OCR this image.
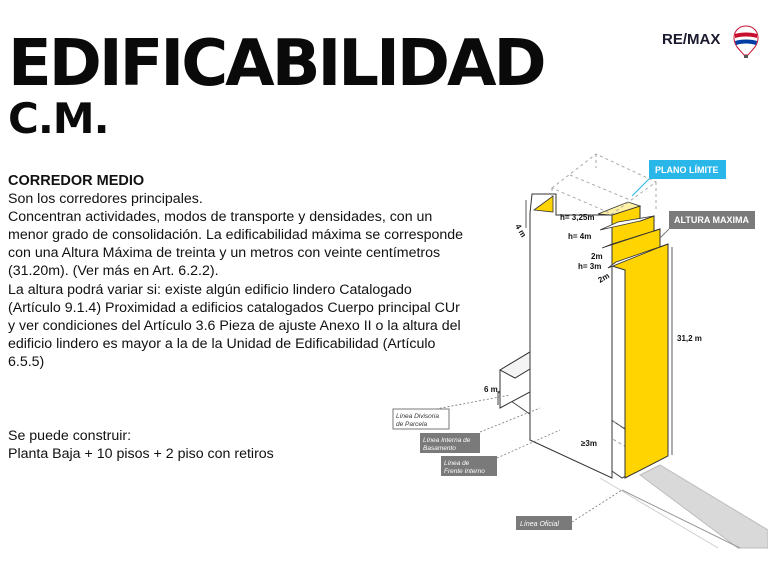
EDIFICABILIDAD
C.M.
RE/MAX
CORREDOR MEDIO

Son los corredores principales.

Concentran actividades, modos de transporte y densidades, con un menor grado de consolidación. La edificabilidad máxima se corresponde con una Altura Máxima de treinta y un metros con veinte centímetros (31.20m). (Ver más en Art. 6.2.2).

La altura podrá variar si: existe algún edificio lindero Catalogado (Artículo 9.1.4) Proximidad a edificios catalogados Cuerpo principal CUr y ver condiciones del Artículo 3.6 Pieza de ajuste Anexo II o la altura del edificio lindero es mayor a la de la Unidad de Edificabilidad (Artículo 6.5.5)

Se puede construir:

Planta Baja + 10 pisos + 2 piso con retiros

PLANO LÍMITE
ALTURA MAXIMA
h= 3,25m
h= 4m
2m
h= 3m
2m
4 m
6 m
31,2 m
≥3m
Línea Divisoria
de Parcela
Línea Interna de
Basamento
Línea de
Frente Interno
Línea Oficial
